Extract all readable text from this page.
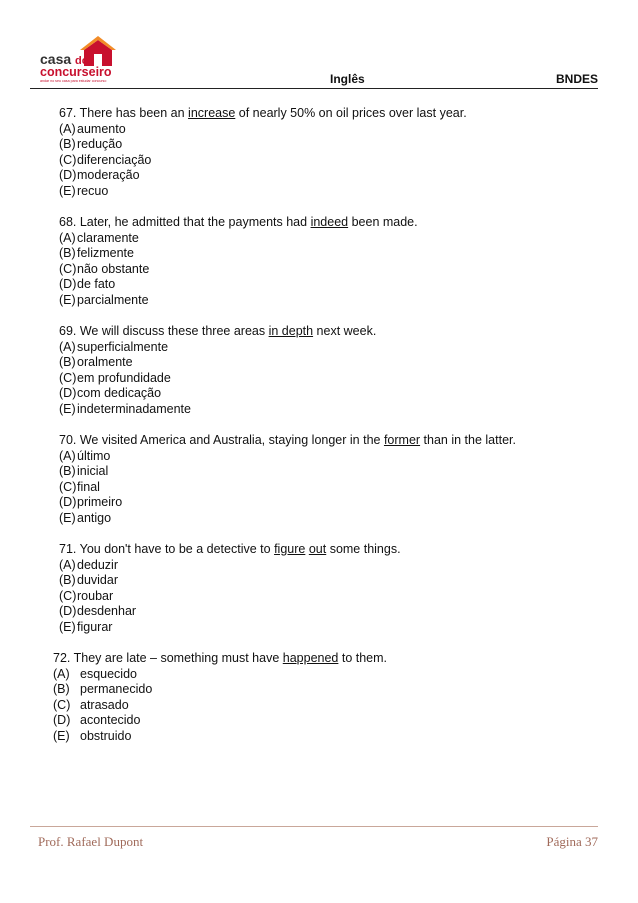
casa do
concurseiro
andar no seu casa para estudar concurso	Inglês	BNDES
67. There has been an increase of nearly 50% on oil prices over last year.
(A)aumento
(B)redução
(C)diferenciação
(D)moderação
(E)recuo
68. Later, he admitted that the payments had indeed been made.
(A)claramente
(B)felizmente
(C)não obstante
(D)de fato
(E)parcialmente
69. We will discuss these three areas in depth next week.
(A)superficialmente
(B)oralmente
(C)em profundidade
(D)com dedicação
(E)indeterminadamente
70. We visited America and Australia, staying longer in the former than in the latter.
(A)último
(B)inicial
(C)final
(D)primeiro
(E)antigo
71. You don't have to be a detective to figure out some things.
(A)deduzir
(B)duvidar
(C)roubar
(D)desdenhar
(E)figurar
72. They are late – something must have happened to them.
(A) esquecido
(B) permanecido
(C) atrasado
(D) acontecido
(E) obstruido
Prof. Rafael Dupont	Página 37
